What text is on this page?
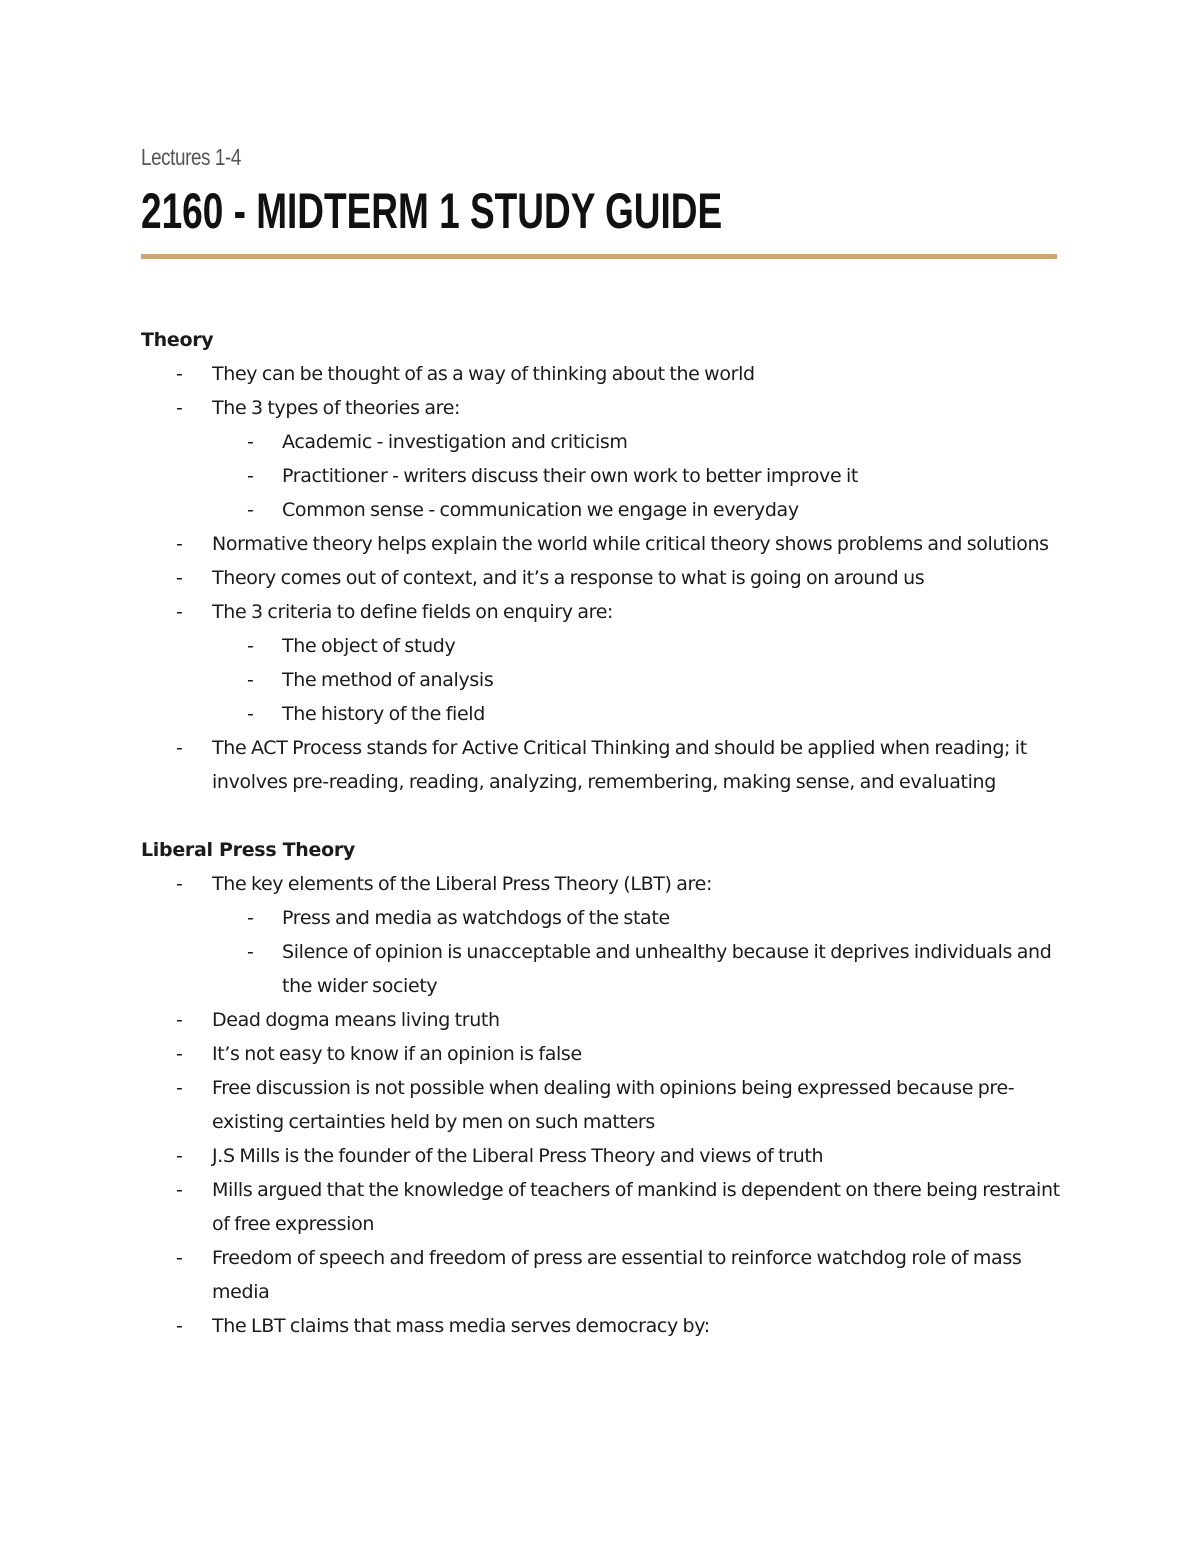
Lectures 1-4
2160 - MIDTERM 1 STUDY GUIDE
Theory
- They can be thought of as a way of thinking about the world
- The 3 types of theories are:
- Academic - investigation and criticism
- Practitioner - writers discuss their own work to better improve it
- Common sense - communication we engage in everyday
- Normative theory helps explain the world while critical theory shows problems and solutions
- Theory comes out of context, and it’s a response to what is going on around us
- The 3 criteria to define fields on enquiry are:
- The object of study
- The method of analysis
- The history of the field
- The ACT Process stands for Active Critical Thinking and should be applied when reading; it involves pre-reading, reading, analyzing, remembering, making sense, and evaluating
Liberal Press Theory
- The key elements of the Liberal Press Theory (LBT) are:
- Press and media as watchdogs of the state
- Silence of opinion is unacceptable and unhealthy because it deprives individuals and the wider society
- Dead dogma means living truth
- It’s not easy to know if an opinion is false
- Free discussion is not possible when dealing with opinions being expressed because pre-existing certainties held by men on such matters
- J.S Mills is the founder of the Liberal Press Theory and views of truth
- Mills argued that the knowledge of teachers of mankind is dependent on there being restraint of free expression
- Freedom of speech and freedom of press are essential to reinforce watchdog role of mass media
- The LBT claims that mass media serves democracy by:
